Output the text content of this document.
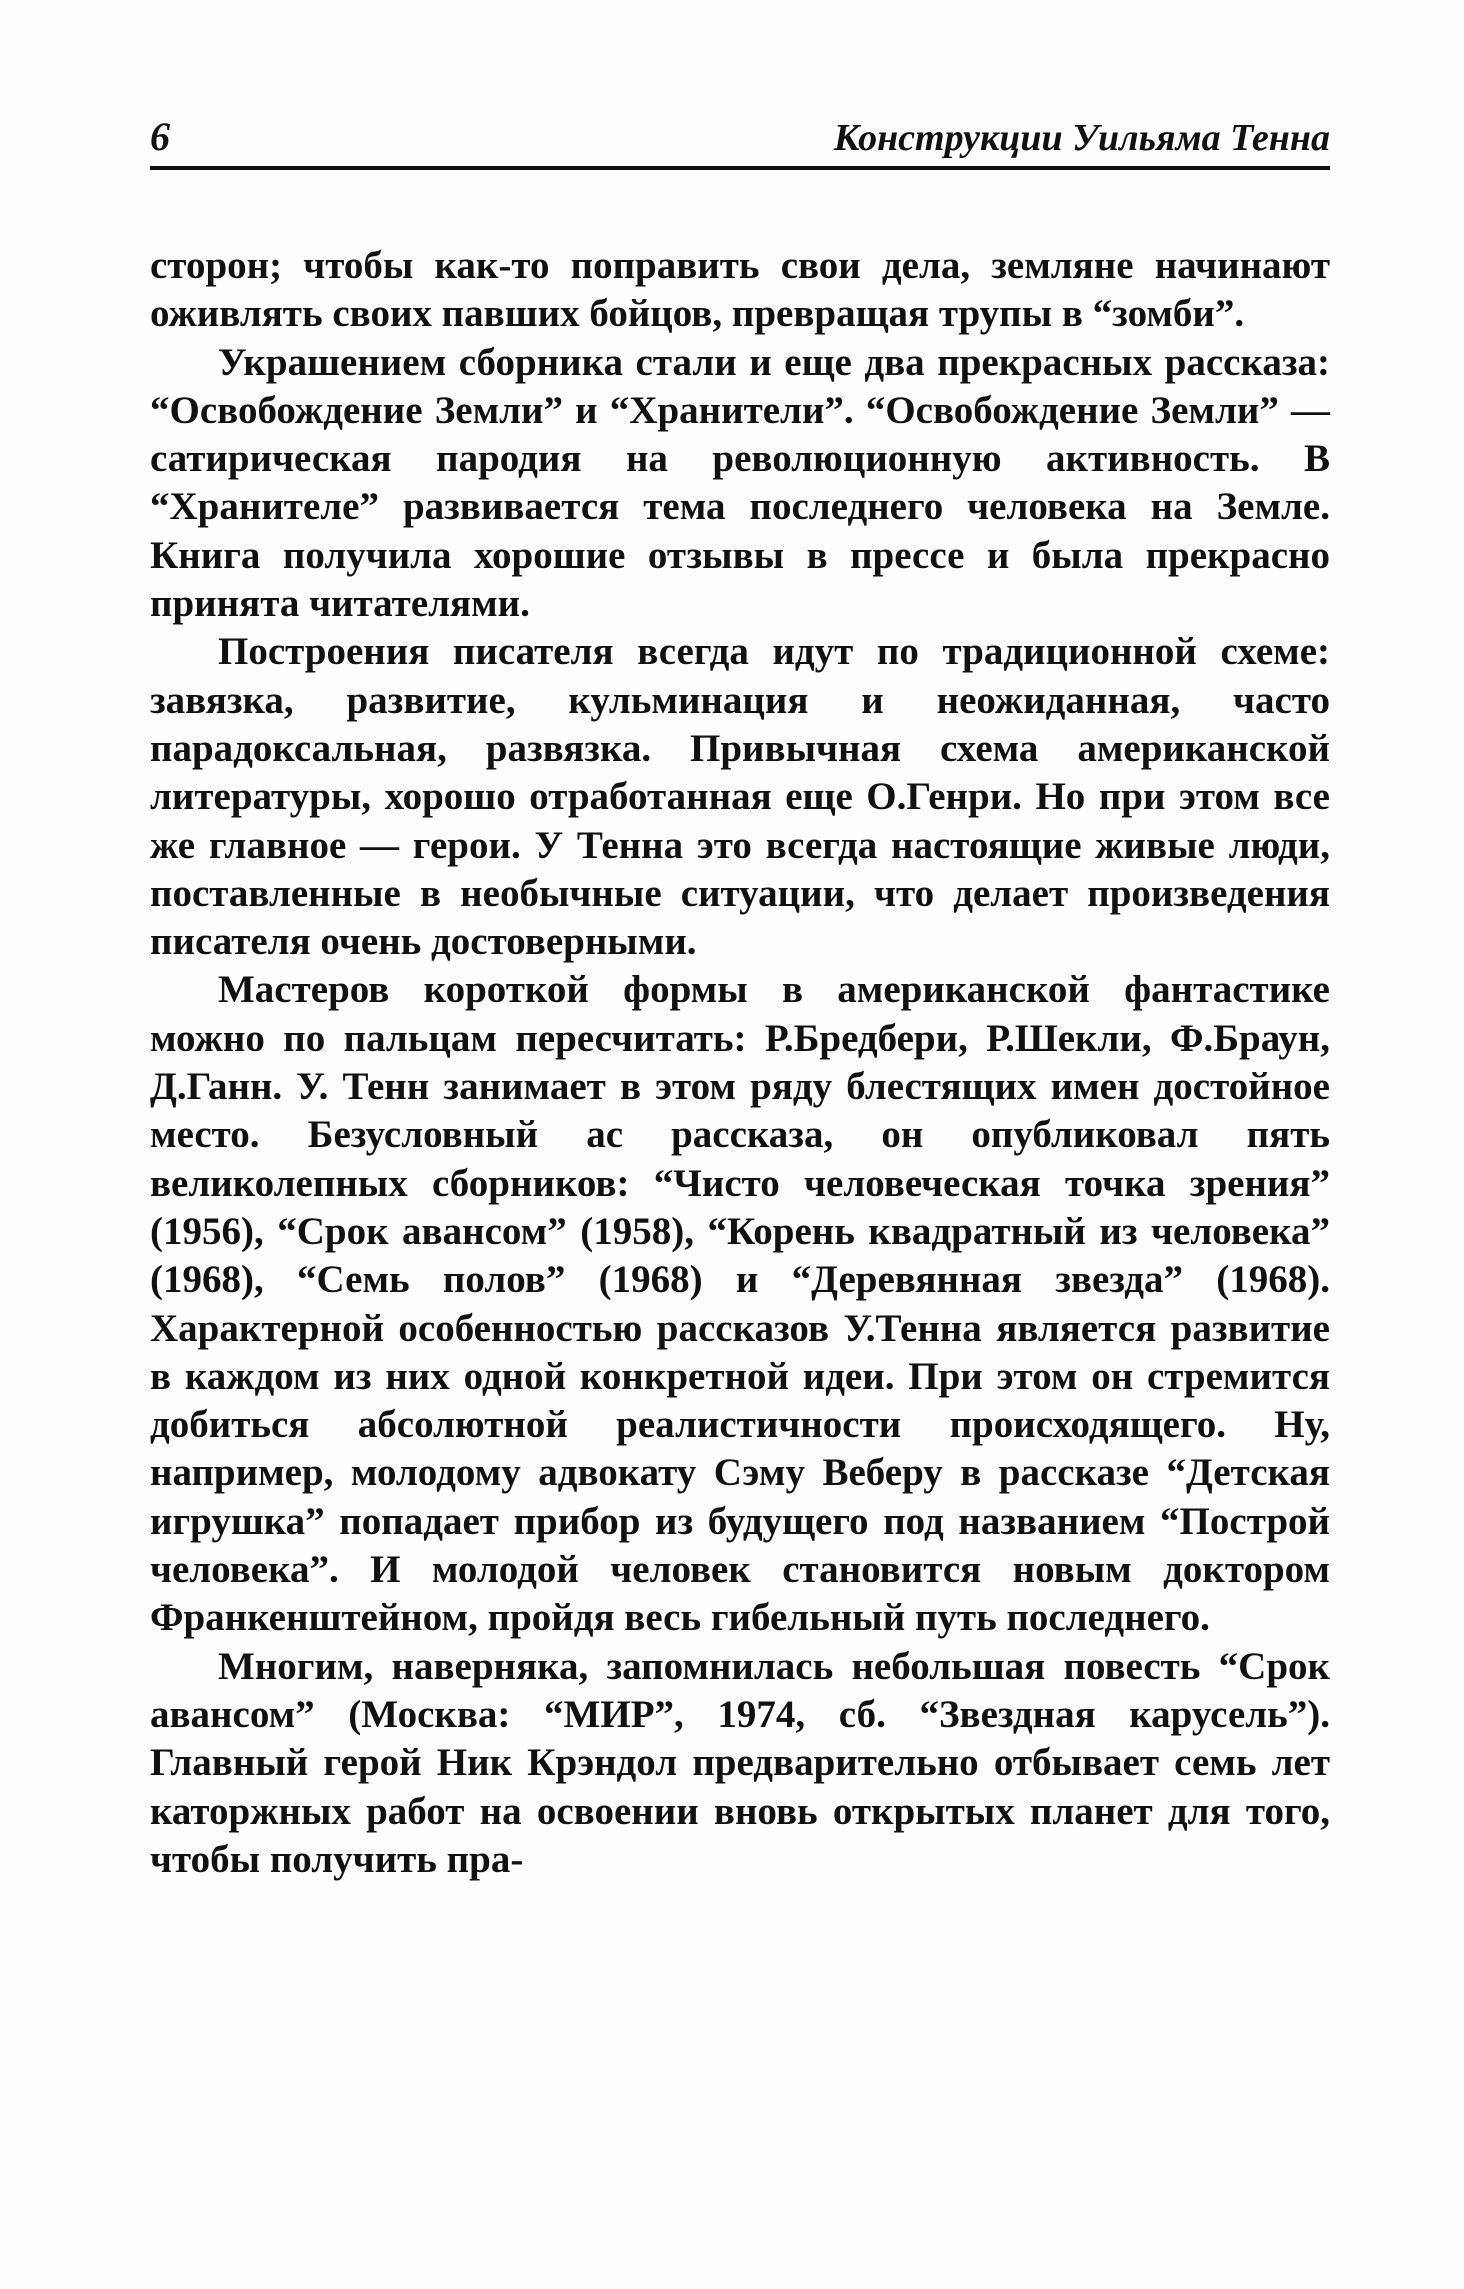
6	Конструкции Уильяма Тенна

сторон; чтобы как-то поправить свои дела, земляне начинают оживлять своих павших бойцов, превращая трупы в “зомби”.

Украшением сборника стали и еще два прекрасных рассказа: “Освобождение Земли” и “Хранители”. “Освобождение Земли” — сатирическая пародия на революционную активность. В “Хранителе” развивается тема последнего человека на Земле. Книга получила хорошие отзывы в прессе и была прекрасно принята читателями.

Построения писателя всегда идут по традиционной схеме: завязка, развитие, кульминация и неожиданная, часто парадоксальная, развязка. Привычная схема американской литературы, хорошо отработанная еще О.Генри. Но при этом все же главное — герои. У Тенна это всегда настоящие живые люди, поставленные в необычные ситуации, что делает произведения писателя очень достоверными.

Мастеров короткой формы в американской фантастике можно по пальцам пересчитать: Р.Бредбери, Р.Шекли, Ф.Браун, Д.Ганн. У. Тенн занимает в этом ряду блестящих имен достойное место. Безусловный ас рассказа, он опубликовал пять великолепных сборников: “Чисто человеческая точка зрения” (1956), “Срок авансом” (1958), “Корень квадратный из человека” (1968), “Семь полов” (1968) и “Деревянная звезда” (1968). Характерной особенностью рассказов У.Тенна является развитие в каждом из них одной конкретной идеи. При этом он стремится добиться абсолютной реалистичности происходящего. Ну, например, молодому адвокату Сэму Веберу в рассказе “Детская игрушка” попадает прибор из будущего под названием “Построй человека”. И молодой человек становится новым доктором Франкенштейном, пройдя весь гибельный путь последнего.

Многим, наверняка, запомнилась небольшая повесть “Срок авансом” (Москва: “МИР”, 1974, сб. “Звездная карусель”). Главный герой Ник Крэндол предварительно отбывает семь лет каторжных работ на освоении вновь открытых планет для того, чтобы получить пра-
